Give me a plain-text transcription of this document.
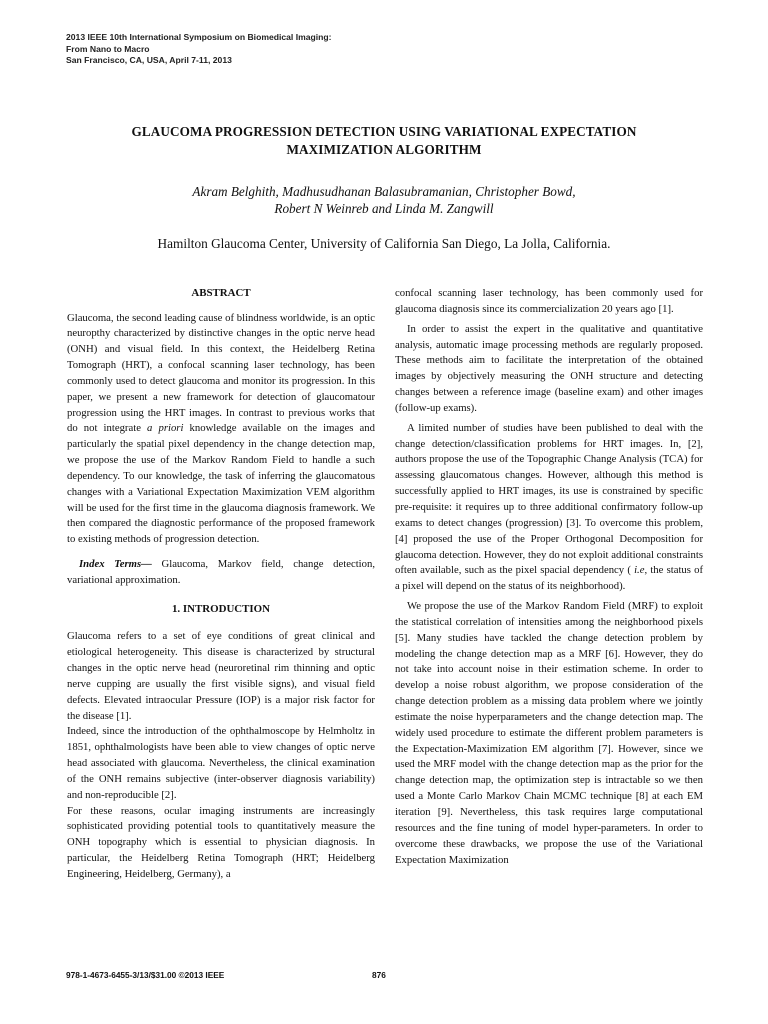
2013 IEEE 10th International Symposium on Biomedical Imaging:
From Nano to Macro
San Francisco, CA, USA, April 7-11, 2013
GLAUCOMA PROGRESSION DETECTION USING VARIATIONAL EXPECTATION
MAXIMIZATION ALGORITHM
Akram Belghith, Madhusudhanan Balasubramanian, Christopher Bowd,
Robert N Weinreb and Linda M. Zangwill
Hamilton Glaucoma Center, University of California San Diego, La Jolla, California.
ABSTRACT

Glaucoma, the second leading cause of blindness worldwide, is an optic neuropthy characterized by distinctive changes in the optic nerve head (ONH) and visual field. In this context, the Heidelberg Retina Tomograph (HRT), a confocal scanning laser technology, has been commonly used to detect glaucoma and monitor its progression. In this paper, we present a new framework for detection of glaucomatour progression using the HRT images. In contrast to previous works that do not integrate a priori knowledge available on the images and particularly the spatial pixel dependency in the change detection map, we propose the use of the Markov Random Field to handle a such dependency. To our knowledge, the task of inferring the glaucomatous changes with a Variational Expectation Maximization VEM algorithm will be used for the first time in the glaucoma diagnosis framework. We then compared the diagnostic performance of the proposed framework to existing methods of progression detection.

Index Terms— Glaucoma, Markov field, change detection, variational approximation.

1. INTRODUCTION

Glaucoma refers to a set of eye conditions of great clinical and etiological heterogeneity. This disease is characterized by structural changes in the optic nerve head (neuroretinal rim thinning and optic nerve cupping are usually the first visible signs), and visual field defects. Elevated intraocular Pressure (IOP) is a major risk factor for the disease [1].

Indeed, since the introduction of the ophthalmoscope by Helmholtz in 1851, ophthalmologists have been able to view changes of optic nerve head associated with glaucoma. Nevertheless, the clinical examination of the ONH remains subjective (inter-observer diagnosis variability) and non-reproducible [2].

For these reasons, ocular imaging instruments are increasingly sophisticated providing potential tools to quantitatively measure the ONH topography which is essential to physician diagnosis. In particular, the Heidelberg Retina Tomograph (HRT; Heidelberg Engineering, Heidelberg, Germany), a

confocal scanning laser technology, has been commonly used for glaucoma diagnosis since its commercialization 20 years ago [1].

In order to assist the expert in the qualitative and quantitative analysis, automatic image processing methods are regularly proposed. These methods aim to facilitate the interpretation of the obtained images by objectively measuring the ONH structure and detecting changes between a reference image (baseline exam) and other images (follow-up exams).

A limited number of studies have been published to deal with the change detection/classification problems for HRT images. In, [2], authors propose the use of the Topographic Change Analysis (TCA) for assessing glaucomatous changes. However, although this method is successfully applied to HRT images, its use is constrained by specific pre-requisite: it requires up to three additional confirmatory follow-up exams to detect changes (progression) [3]. To overcome this problem, [4] proposed the use of the Proper Orthogonal Decomposition for glaucoma detection. However, they do not exploit additional constraints often available, such as the pixel spacial dependency ( i.e, the status of a pixel will depend on the status of its neighborhood).

We propose the use of the Markov Random Field (MRF) to exploit the statistical correlation of intensities among the neighborhood pixels [5]. Many studies have tackled the change detection problem by modeling the change detection map as a MRF [6]. However, they do not take into account noise in their estimation scheme. In order to develop a noise robust algorithm, we propose consideration of the change detection problem as a missing data problem where we jointly estimate the noise hyperparameters and the change detection map. The widely used procedure to estimate the different problem parameters is the Expectation-Maximization EM algorithm [7]. However, since we used the MRF model with the change detection map as the prior for the change detection map, the optimization step is intractable so we then used a Monte Carlo Markov Chain MCMC technique [8] at each EM iteration [9]. Nevertheless, this task requires large computational resources and the fine tuning of model hyper-parameters. In order to overcome these drawbacks, we propose the use of the Variational Expectation Maximization

978-1-4673-6455-3/13/$31.00 ©2013 IEEE	876
